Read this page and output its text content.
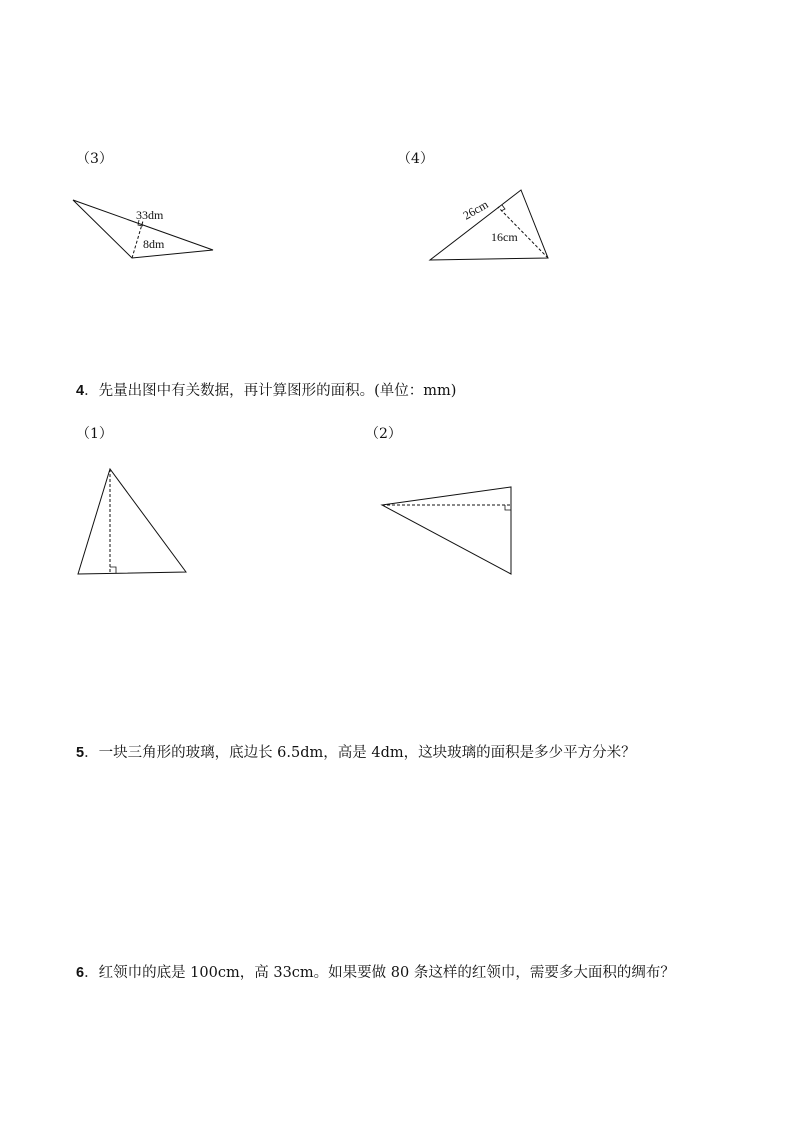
（3）
33dm
8dm
（4）
26cm
16cm
4．先量出图中有关数据，再计算图形的面积。(单位：mm)
（1）	（2）
5．一块三角形的玻璃，底边长 6.5dm，高是 4dm，这块玻璃的面积是多少平方分米？
6．红领巾的底是 100cm，高 33cm。如果要做 80 条这样的红领巾，需要多大面积的绸布？
